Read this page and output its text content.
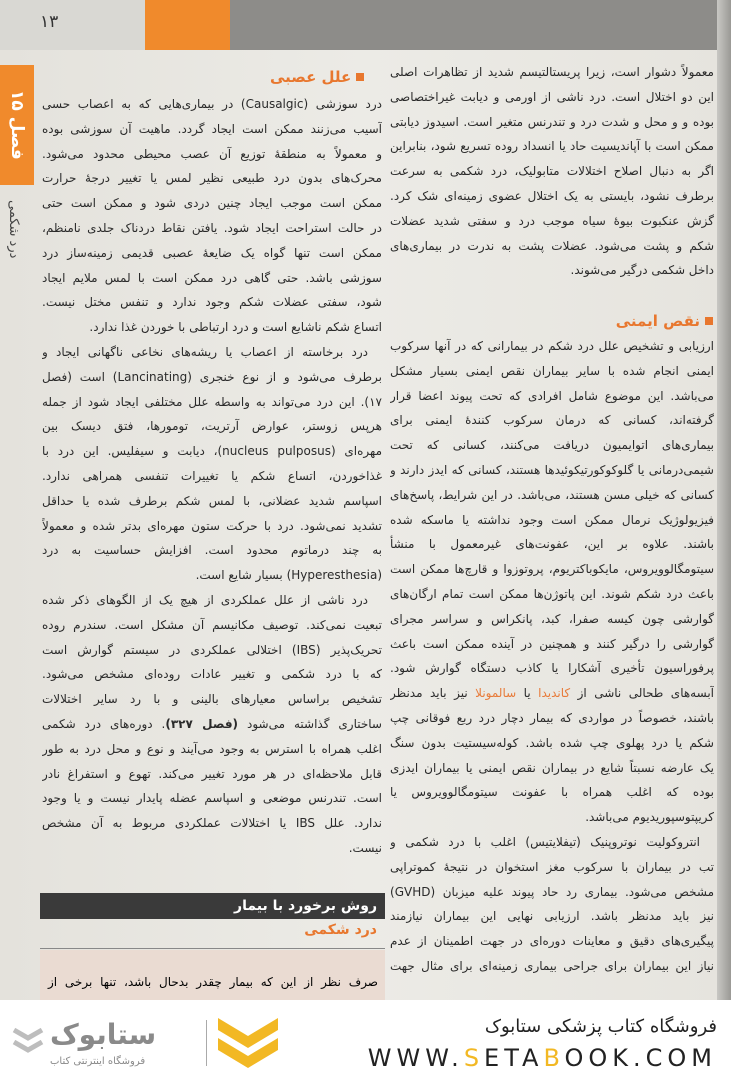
۱۳
فصل ۱۵
درد شکمی
معمولاً دشوار است، زیرا پریستالتیسم شدید از تظاهرات اصلی
این دو اختلال است. درد ناشی از اورمی و دیابت غیراختصاصی
بوده و و محل و شدت درد و تندرنس متغیر است. اسیدوز دیابتی
ممکن است با آپاندیسیت حاد یا انسداد روده تسریع شود، بنابراین
اگر به دنبال اصلاح اختلالات متابولیک، درد شکمی به سرعت
برطرف نشود، بایستی به یک اختلال عضوی زمینه‌ای شک کرد.
گزش عنکبوت بیوهٔ سیاه موجب درد و سفتی شدید عضلات
شکم و پشت می‌شود. عضلات پشت به ندرت در بیماری‌های
داخل شکمی درگیر می‌شوند.
نقص ایمنی
ارزیابی و تشخیص علل درد شکم در بیمارانی که در آنها سرکوب
ایمنی انجام شده با سایر بیماران نقص ایمنی بسیار مشکل
می‌باشد. این موضوع شامل افرادی که تحت پیوند اعضا قرار
گرفته‌اند، کسانی که درمان سرکوب کنندهٔ ایمنی برای
بیماری‌های اتوایمیون دریافت می‌کنند، کسانی که تحت
شیمی‌درمانی یا گلوکوکورتیکوئیدها هستند، کسانی که ایدز دارند و
کسانی که خیلی مسن هستند، می‌باشد. در این شرایط، پاسخ‌های
فیزیولوژیک نرمال ممکن است وجود نداشته یا ماسکه شده
باشند. علاوه بر این، عفونت‌های غیرمعمول با منشأ
سیتومگالوویروس، مایکوباکتریوم، پروتوزوا و قارچ‌ها ممکن است
باعث درد شکم شوند. این پاتوژن‌ها ممکن است تمام ارگان‌های
گوارشی چون کیسه صفرا، کبد، پانکراس و سراسر مجرای
گوارشی را درگیر کنند و همچنین در آینده ممکن است باعث
پرفوراسیون تأخیری آشکارا یا کاذب دستگاه گوارش شود.
آبسه‌های طحالی ناشی از کاندیدا یا سالمونلا نیز باید مدنظر
باشند، خصوصاً در مواردی که بیمار دچار درد ربع فوقانی چپ
شکم یا درد پهلوی چپ شده باشد. کوله‌سیستیت بدون سنگ
یک عارضه نسبتاً شایع در بیماران نقص ایمنی یا بیماران ایدزی
بوده که اغلب همراه با عفونت سیتومگالوویروس یا
کریپتوسپوریدیوم می‌باشد.
انتروکولیت نوتروپنیک (تیفلایتیس) اغلب با درد شکمی و
تب در بیماران با سرکوب مغز استخوان در نتیجهٔ کموتراپی
مشخص می‌شود. بیماری رد حاد پیوند علیه میزبان (GVHD)
نیز باید مدنظر باشد. ارزیابی نهایی این بیماران نیازمند
پیگیری‌های دقیق و معاینات دوره‌ای در جهت اطمینان از عدم
نیاز این بیماران برای جراحی بیماری زمینه‌ای برای مثال جهت
علل عصبی
درد سوزشی (Causalgic) در بیماری‌هایی که به اعصاب حسی
آسیب می‌زنند ممکن است ایجاد گردد. ماهیت آن سوزشی بوده
و معمولاً به منطقهٔ توزیع آن عصب محیطی محدود می‌شود.
محرک‌های بدون درد طبیعی نظیر لمس یا تغییر درجهٔ حرارت
ممکن است موجب ایجاد چنین دردی شود و ممکن است حتی
در حالت استراحت ایجاد شود. یافتن نقاط دردناک جلدی نامنظم،
ممکن است تنها گواه یک ضایعهٔ عصبی قدیمی زمینه‌ساز درد
سوزشی باشد. حتی گاهی درد ممکن است با لمس ملایم ایجاد
شود، سفتی عضلات شکم وجود ندارد و تنفس مختل نیست.
اتساع شکم ناشایع است و درد ارتباطی با خوردن غذا ندارد.
درد برخاسته از اعصاب یا ریشه‌های نخاعی ناگهانی ایجاد و
برطرف می‌شود و از نوع خنجری (Lancinating) است (فصل
۱۷). این درد می‌تواند به واسطه علل مختلفی ایجاد شود از جمله
هرپس زوستر، عوارض آرتریت، تومورها، فتق دیسک بین
مهره‌ای (nucleus pulposus)، دیابت و سیفلیس. این درد با
غذاخوردن، اتساع شکم یا تغییرات تنفسی همراهی ندارد.
اسپاسم شدید عضلانی، با لمس شکم برطرف شده یا حداقل
تشدید نمی‌شود. درد با حرکت ستون مهره‌ای بدتر شده و معمولاً
به چند درماتوم محدود است. افزایش حساسیت به درد
(Hyperesthesia) بسیار شایع است.
درد ناشی از علل عملکردی از هیچ یک از الگوهای ذکر شده
تبعیت نمی‌کند. توصیف مکانیسم آن مشکل است. سندرم روده
تحریک‌پذیر (IBS) اختلالی عملکردی در سیستم گوارش است
که با درد شکمی و تغییر عادات روده‌ای مشخص می‌شود.
تشخیص براساس معیارهای بالینی و با رد سایر اختلالات
ساختاری گذاشته می‌شود (فصل ۳۲۷). دوره‌های درد شکمی
اغلب همراه با استرس به وجود می‌آیند و نوع و محل درد به طور
قابل ملاحظه‌ای در هر مورد تغییر می‌کند. تهوع و استفراغ نادر
است. تندرنس موضعی و اسپاسم عضله پایدار نیست و یا وجود
ندارد. علل IBS یا اختلالات عملکردی مربوط به آن مشخص
نیست.
روش برخورد با بیمار
درد شکمی
صرف نظر از این که بیمار چقدر بدحال باشد، تنها برخی از
ستابوک
فروشگاه اینترنتی کتاب
فروشگاه کتاب پزشکی ستابوک
WWW.SETABOOK.COM
